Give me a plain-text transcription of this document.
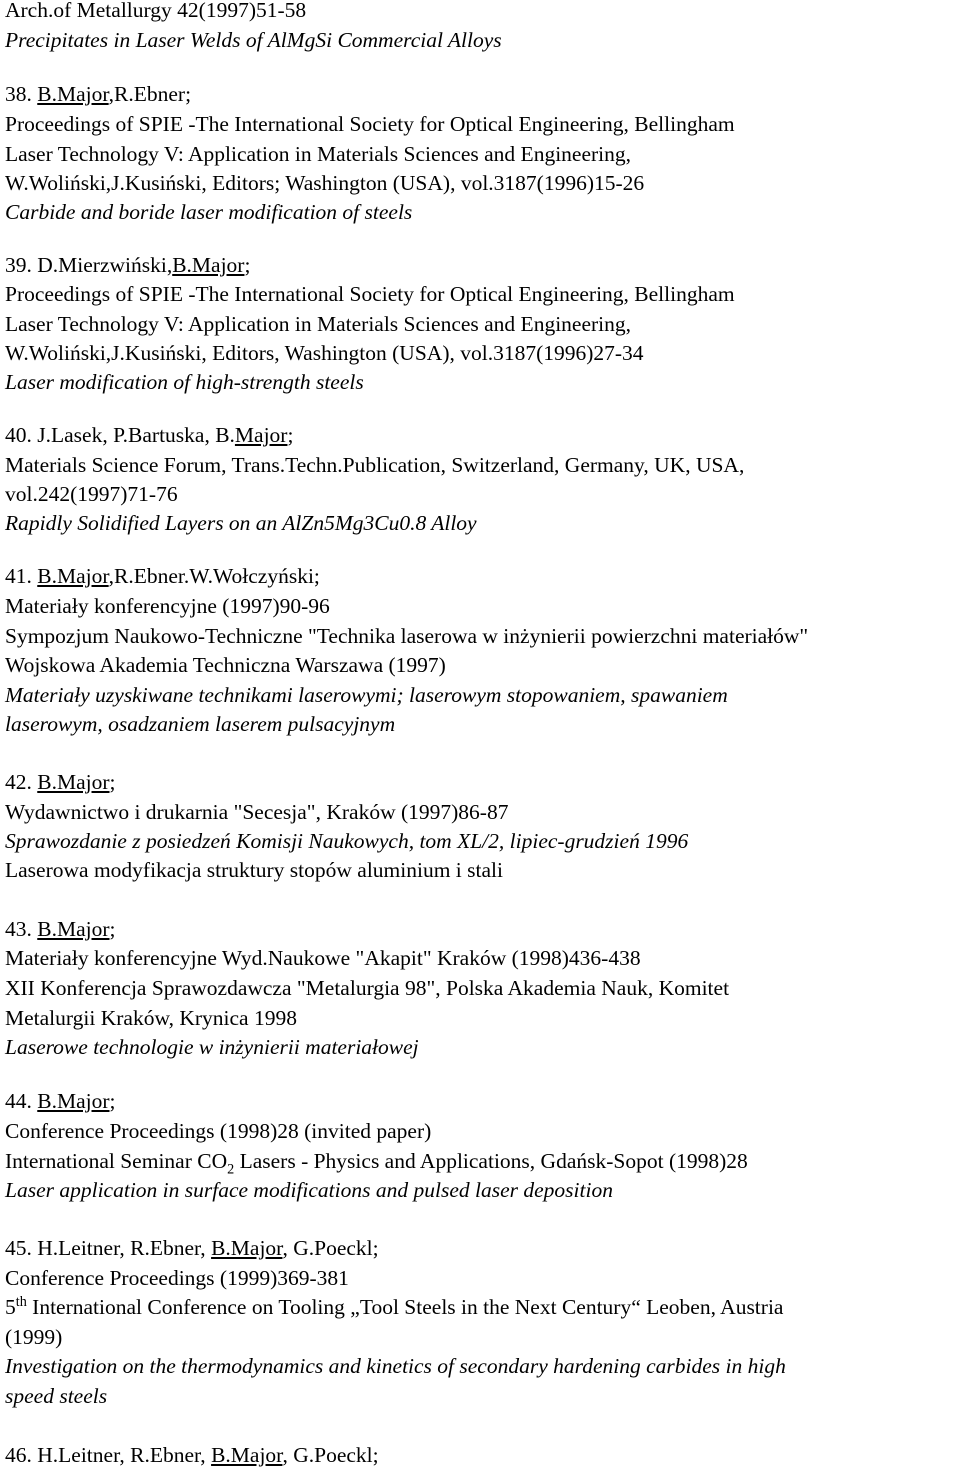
Arch.of Metallurgy 42(1997)51-58
Precipitates in Laser Welds of AlMgSi Commercial Alloys
38. B.Major,R.Ebner;
Proceedings of SPIE -The International Society for Optical Engineering, Bellingham
Laser Technology V: Application in Materials Sciences and Engineering,
W.Woliński,J.Kusiński, Editors; Washington (USA), vol.3187(1996)15-26
Carbide and boride laser modification of steels
39. D.Mierzwiński,B.Major;
Proceedings of SPIE -The International Society for Optical Engineering, Bellingham
Laser Technology V: Application in Materials Sciences and Engineering,
W.Woliński,J.Kusiński, Editors, Washington (USA), vol.3187(1996)27-34
Laser modification of high-strength steels
40. J.Lasek, P.Bartuska, B.Major;
Materials Science Forum, Trans.Techn.Publication, Switzerland, Germany, UK, USA,
vol.242(1997)71-76
Rapidly Solidified Layers on an AlZn5Mg3Cu0.8 Alloy
41. B.Major,R.Ebner.W.Wołczyński;
Materiały konferencyjne (1997)90-96
Sympozjum Naukowo-Techniczne "Technika laserowa w inżynierii powierzchni materiałów"
Wojskowa Akademia Techniczna Warszawa (1997)
Materiały uzyskiwane technikami laserowymi; laserowym stopowaniem, spawaniem
laserowym, osadzaniem laserem pulsacyjnym
42. B.Major;
Wydawnictwo i drukarnia "Secesja", Kraków (1997)86-87
Sprawozdanie z posiedzeń Komisji Naukowych, tom XL/2, lipiec-grudzień 1996
Laserowa modyfikacja struktury stopów aluminium i stali
43. B.Major;
Materiały konferencyjne Wyd.Naukowe "Akapit" Kraków (1998)436-438
XII Konferencja Sprawozdawcza "Metalurgia 98", Polska Akademia Nauk, Komitet
Metalurgii Kraków, Krynica 1998
Laserowe technologie w inżynierii materiałowej
44. B.Major;
Conference Proceedings (1998)28 (invited paper)
International Seminar $CO_2$ Lasers - Physics and Applications, Gdańsk-Sopot (1998)28
Laser application in surface modifications and pulsed laser deposition
45. H.Leitner, R.Ebner, B.Major, G.Poeckl;
Conference Proceedings (1999)369-381
5th International Conference on Tooling „Tool Steels in the Next Century“ Leoben, Austria
(1999)
Investigation on the thermodynamics and kinetics of secondary hardening carbides in high
speed steels
46. H.Leitner, R.Ebner, B.Major, G.Poeckl;
